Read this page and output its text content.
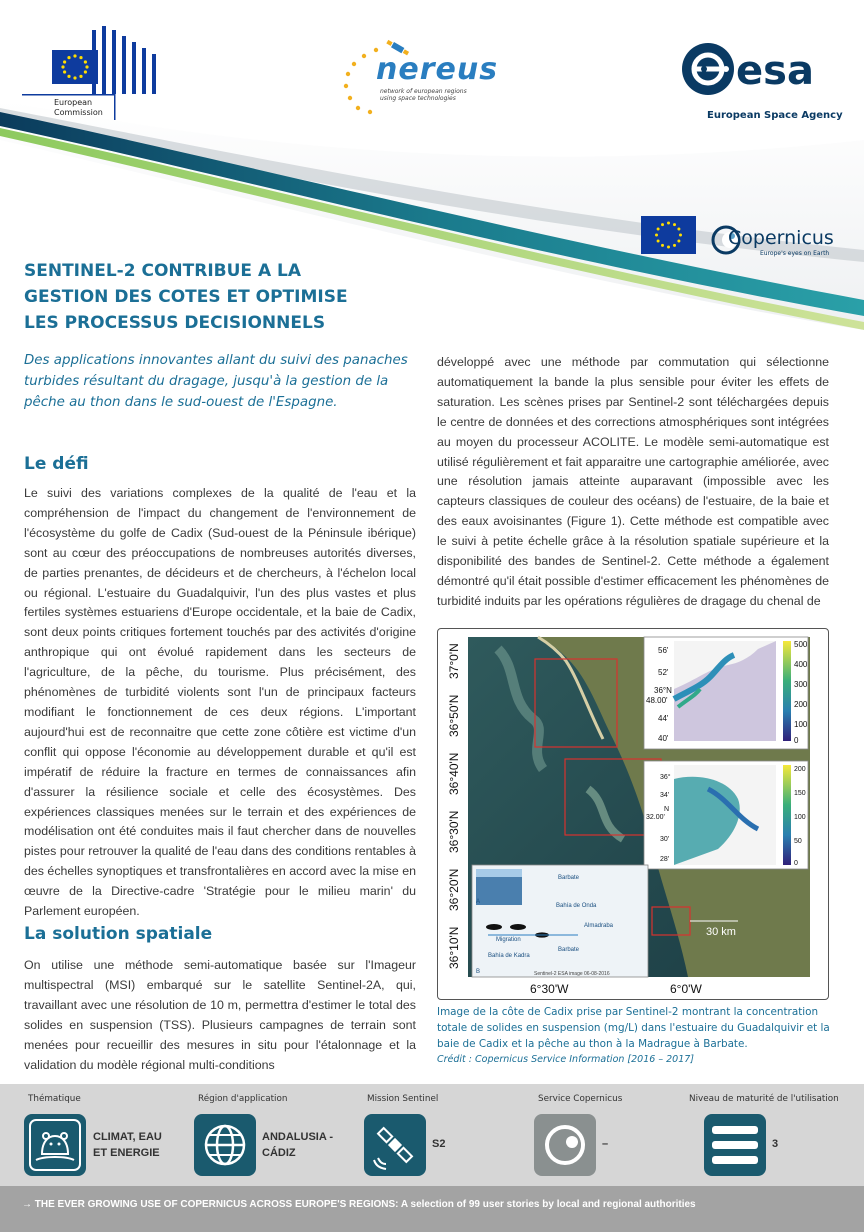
European
Commission
nereus
network of european regions
using space technologies
esa
European Space Agency
Copernicus
Europe's eyes on Earth
SENTINEL-2 CONTRIBUE A LA
GESTION DES COTES ET OPTIMISE
LES PROCESSUS DECISIONNELS

Des applications innovantes allant du suivi des panaches turbides résultant du dragage, jusqu'à la gestion de la pêche au thon dans le sud-ouest de l'Espagne.

Le défi

Le suivi des variations complexes de la qualité de l'eau et la compréhension de l'impact du changement de l'environnement de l'écosystème du golfe de Cadix (Sud-ouest de la Péninsule ibérique) sont au cœur des préoccupations de nombreuses autorités diverses, de parties prenantes, de décideurs et de chercheurs, à l'échelon local ou régional. L'estuaire du Guadalquivir, l'un des plus vastes et plus fertiles systèmes estuariens d'Europe occidentale, et la baie de Cadix, sont deux points critiques fortement touchés par des activités d'origine anthropique qui ont évolué rapidement dans les secteurs de l'agriculture, de la pêche, du tourisme. Plus précisément, des phénomènes de turbidité violents sont l'un de principaux facteurs modifiant le fonctionnement de ces deux régions. L'important aujourd'hui est de reconnaitre que cette zone côtière est victime d'un conflit qui oppose l'économie au développement durable et qu'il est impératif de réduire la fracture en termes de connaissances afin d'assurer la résilience sociale et celle des écosystèmes. Des expériences classiques menées sur le terrain et des expériences de modélisation ont été conduites mais il faut chercher dans de nouvelles pistes pour retrouver la qualité de l'eau dans des conditions rentables à des échelles synoptiques et transfrontalières en accord avec la mise en œuvre de la Directive-cadre 'Stratégie pour le milieu marin' du Parlement européen.

La solution spatiale

On utilise une méthode semi-automatique basée sur l'Imageur multispectral (MSI) embarqué sur le satellite Sentinel-2A, qui, travaillant avec une résolution de 10 m, permettra d'estimer le total des solides en suspension (TSS). Plusieurs campagnes de terrain sont menées pour recueillir des mesures in situ pour l'étalonnage et la validation du modèle régional multi-conditions

développé avec une méthode par commutation qui sélectionne automatiquement la bande la plus sensible pour éviter les effets de saturation. Les scènes prises par Sentinel-2 sont téléchargées depuis le centre de données et des corrections atmosphériques sont intégrées au moyen du processeur ACOLITE. Le modèle semi-automatique est utilisé régulièrement et fait apparaitre une cartographie améliorée, avec une résolution jamais atteinte auparavant (impossible avec les capteurs classiques de couleur des océans) de l'estuaire, de la baie et des eaux avoisinantes (Figure 1). Cette méthode est compatible avec le suivi à petite échelle grâce à la résolution spatiale supérieure et la disponibilité des bandes de Sentinel-2. Cette méthode a également démontré qu'il était possible d'estimer efficacement les phénomènes de turbidité induits par les opérations régulières de dragage du chenal de

30 km
37°0'N
36°50'N
36°40'N
36°30'N
36°20'N
36°10'N
6°30'W	6°0'W
56'
52'
36°N
48.00'
44'
40'
500
400
300
200
100
0
36°
34'
N
32.00'
30'
28'
200
150
100
50
0
Barbate
Bahía de Onda
Almadraba
Migration
Bahía de Kadra
Barbate
A
B	Sentinel-2 ESA image 06-08-2016
Image de la côte de Cadix prise par Sentinel-2 montrant la concentration totale de solides en suspension (mg/L) dans l'estuaire du Guadalquivir et la baie de Cadix et la pêche au thon à la Madrague à Barbate.
Crédit : Copernicus Service Information [2016 – 2017]
Thématique
CLIMAT, EAU
ET ENERGIE
Région d'application
ANDALUSIA -
CÁDIZ
Mission Sentinel
S2
Service Copernicus
–
Niveau de maturité de l'utilisation
3
→ THE EVER GROWING USE OF COPERNICUS ACROSS EUROPE'S REGIONS: A selection of 99 user stories by local and regional authorities
